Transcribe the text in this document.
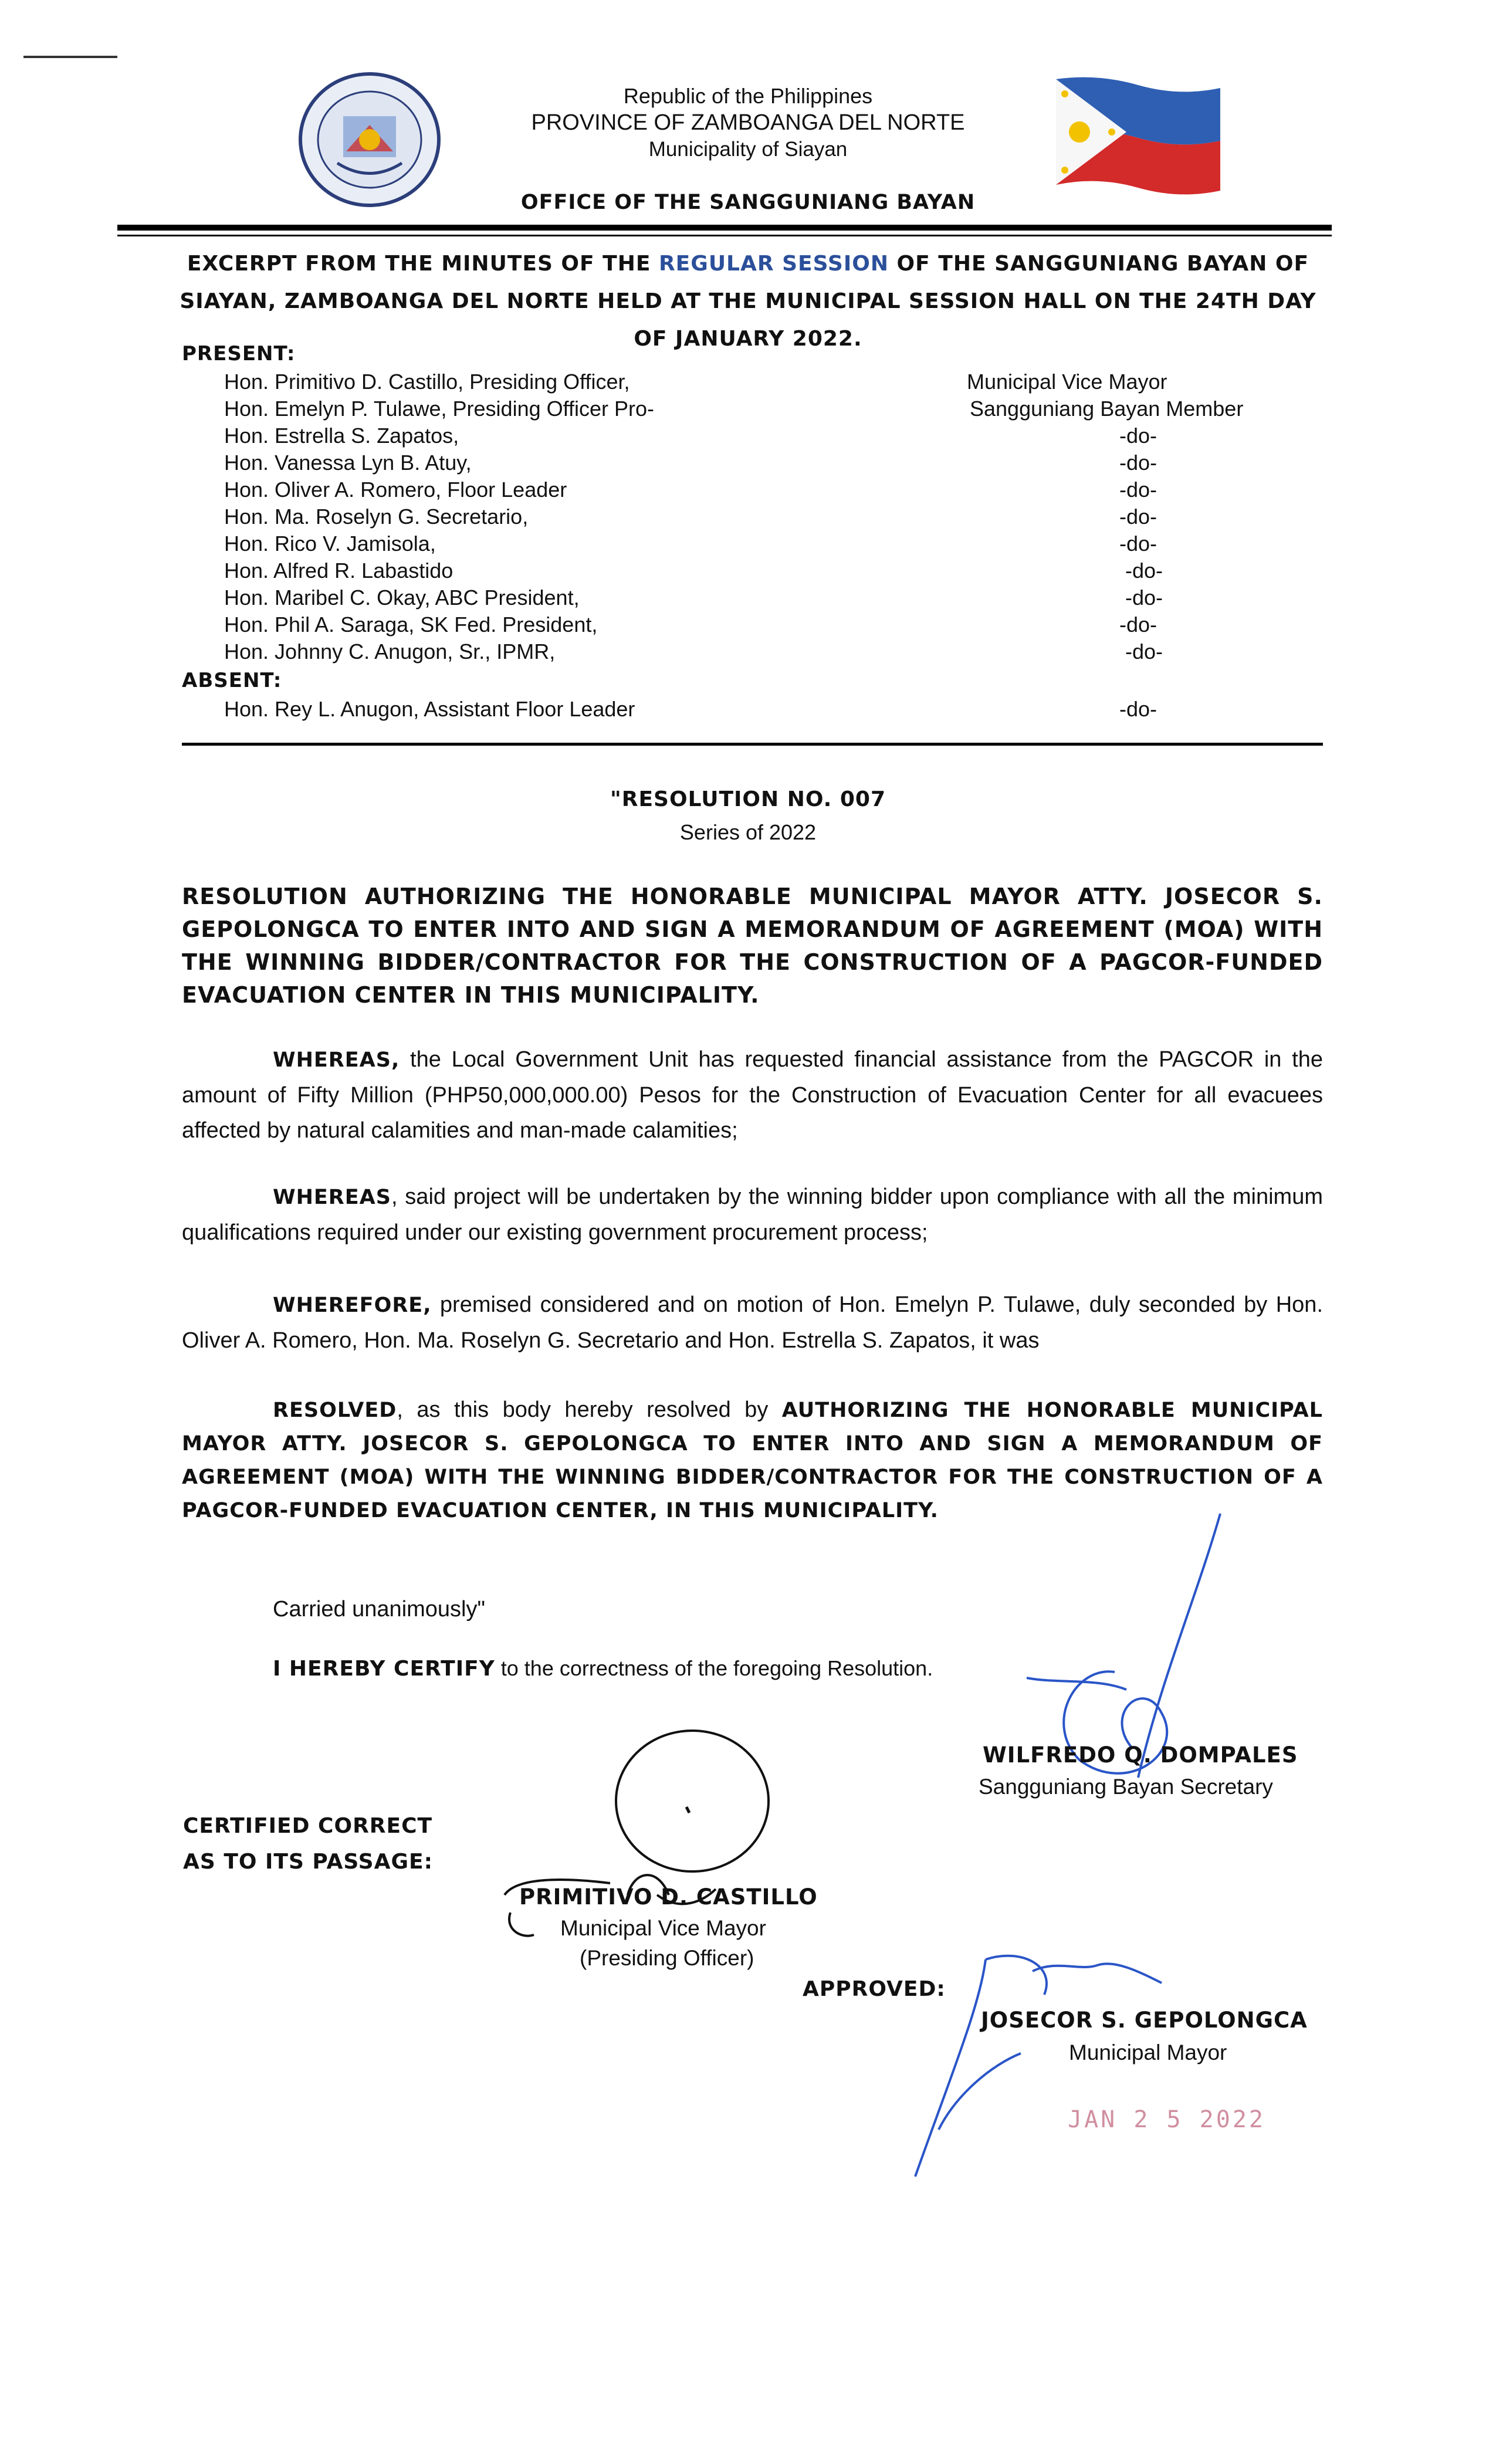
Republic of the Philippines
PROVINCE OF ZAMBOANGA DEL NORTE
Municipality of Siayan
OFFICE OF THE SANGGUNIANG BAYAN
EXCERPT FROM THE MINUTES OF THE REGULAR SESSION OF THE SANGGUNIANG BAYAN OF SIAYAN, ZAMBOANGA DEL NORTE HELD AT THE MUNICIPAL SESSION HALL ON THE 24TH DAY OF JANUARY 2022.
PRESENT:
Hon. Primitivo D. Castillo, Presiding Officer,	Municipal Vice Mayor
Hon. Emelyn P. Tulawe, Presiding Officer Pro-	Sangguniang Bayan Member
Hon. Estrella S. Zapatos,	-do-
Hon. Vanessa Lyn B. Atuy,	-do-
Hon. Oliver A. Romero, Floor Leader	-do-
Hon. Ma. Roselyn G. Secretario,	-do-
Hon. Rico V. Jamisola,	-do-
Hon. Alfred R. Labastido	-do-
Hon. Maribel C. Okay, ABC President,	-do-
Hon. Phil A. Saraga, SK Fed. President,	-do-
Hon. Johnny C. Anugon, Sr., IPMR,	-do-
ABSENT:
Hon. Rey L. Anugon, Assistant Floor Leader	-do-
"RESOLUTION NO. 007
Series of 2022
RESOLUTION AUTHORIZING THE HONORABLE MUNICIPAL MAYOR ATTY. JOSECOR S. GEPOLONGCA TO ENTER INTO AND SIGN A MEMORANDUM OF AGREEMENT (MOA) WITH THE WINNING BIDDER/CONTRACTOR FOR THE CONSTRUCTION OF A PAGCOR-FUNDED EVACUATION CENTER IN THIS MUNICIPALITY.
WHEREAS, the Local Government Unit has requested financial assistance from the PAGCOR in the amount of Fifty Million (PHP50,000,000.00) Pesos for the Construction of Evacuation Center for all evacuees affected by natural calamities and man-made calamities;
WHEREAS, said project will be undertaken by the winning bidder upon compliance with all the minimum qualifications required under our existing government procurement process;
WHEREFORE, premised considered and on motion of Hon. Emelyn P. Tulawe, duly seconded by Hon. Oliver A. Romero, Hon. Ma. Roselyn G. Secretario and Hon. Estrella S. Zapatos, it was
RESOLVED, as this body hereby resolved by AUTHORIZING THE HONORABLE MUNICIPAL MAYOR ATTY. JOSECOR S. GEPOLONGCA TO ENTER INTO AND SIGN A MEMORANDUM OF AGREEMENT (MOA) WITH THE WINNING BIDDER/CONTRACTOR FOR THE CONSTRUCTION OF A PAGCOR-FUNDED EVACUATION CENTER, IN THIS MUNICIPALITY.
Carried unanimously"
I HEREBY CERTIFY to the correctness of the foregoing Resolution.
WILFREDO Q. DOMPALES
Sangguniang Bayan Secretary
CERTIFIED CORRECT
AS TO ITS PASSAGE:
PRIMITIVO D. CASTILLO
Municipal Vice Mayor
(Presiding Officer)
APPROVED:
JOSECOR S. GEPOLONGCA
Municipal Mayor
JAN 2 5 2022
